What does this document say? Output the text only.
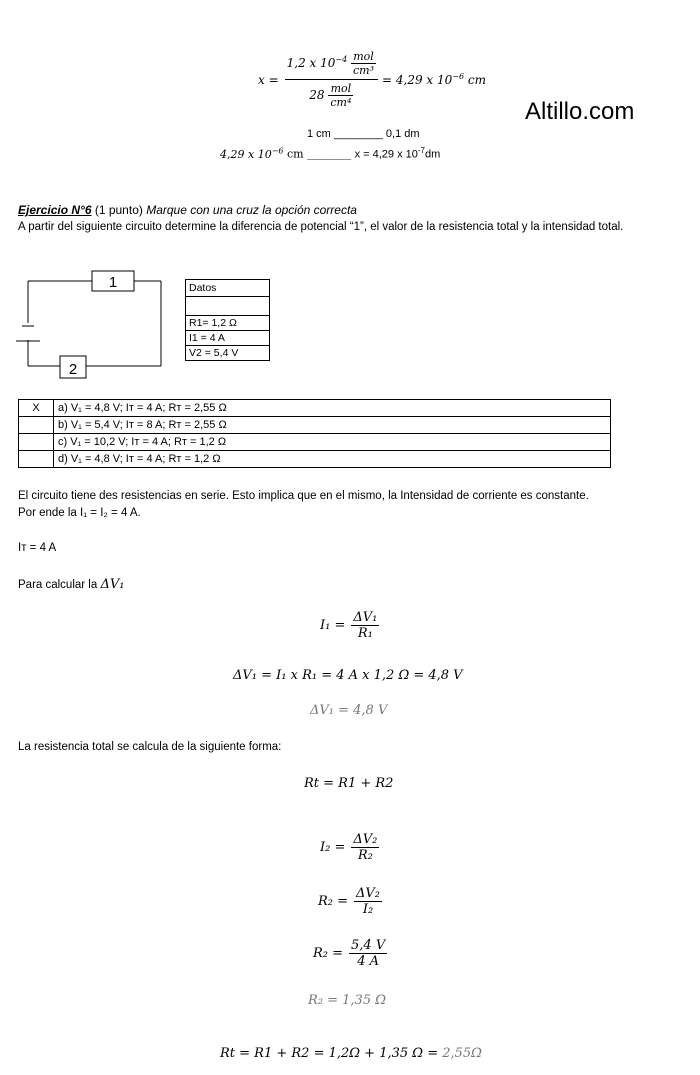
Altillo.com
$x = \frac{1,2 x 10^{-4} \frac{\text{mol}}{\text{cm³}}}{28 \frac{\text{mol}}{\text{cm⁴}}} = 4,29$ x $10^{-6}$ cm
1 cm ________ 0,1 dm
4,29 x $10^{-6}$ cm ________ x = 4,29 x $10^{-7}dm$
Ejercicio N°6 (1 punto) Marque con una cruz la opción correcta
A partir del siguiente circuito determine la diferencia de potencial “1”, el valor de la resistencia total y la intensidad total.
1
2
Datos

R1= 1,2 Ω
I1 = 4 A
V2 = 5,4 V
X	a) V₁ = 4,8 V; Iᴛ = 4 A; Rᴛ = 2,55 Ω
	b) V₁ = 5,4 V; Iᴛ = 8 A; Rᴛ = 2,55 Ω
	c) V₁ = 10,2 V; Iᴛ = 4 A; Rᴛ = 1,2 Ω
	d) V₁ = 4,8 V; Iᴛ = 4 A; Rᴛ = 1,2 Ω
El circuito tiene des resistencias en serie. Esto implica que en el mismo, la Intensidad de corriente es constante.
Por ende la I₁ = I₂ = 4 A.
Iᴛ = 4 A
Para calcular la ΔV₁
$I_1 = \frac{\text{ΔV₁}}{\text{R₁}}$
ΔV₁ = I₁ x R₁ = 4 A x 1,2 Ω = 4,8 V
ΔV₁ = 4,8 V
La resistencia total se calcula de la siguiente forma:
Rt = R1 + R2
$I_2 = \frac{\text{ΔV₂}}{\text{R₂}}$
$R_2 = \frac{\text{ΔV₂}}{\text{I₂}}$
$R_2 = \frac{5,4 V}{4 A}$
R₂ = 1,35 Ω
Rt = R1 + R2 = 1,2Ω + 1,35 Ω = 2,55Ω
